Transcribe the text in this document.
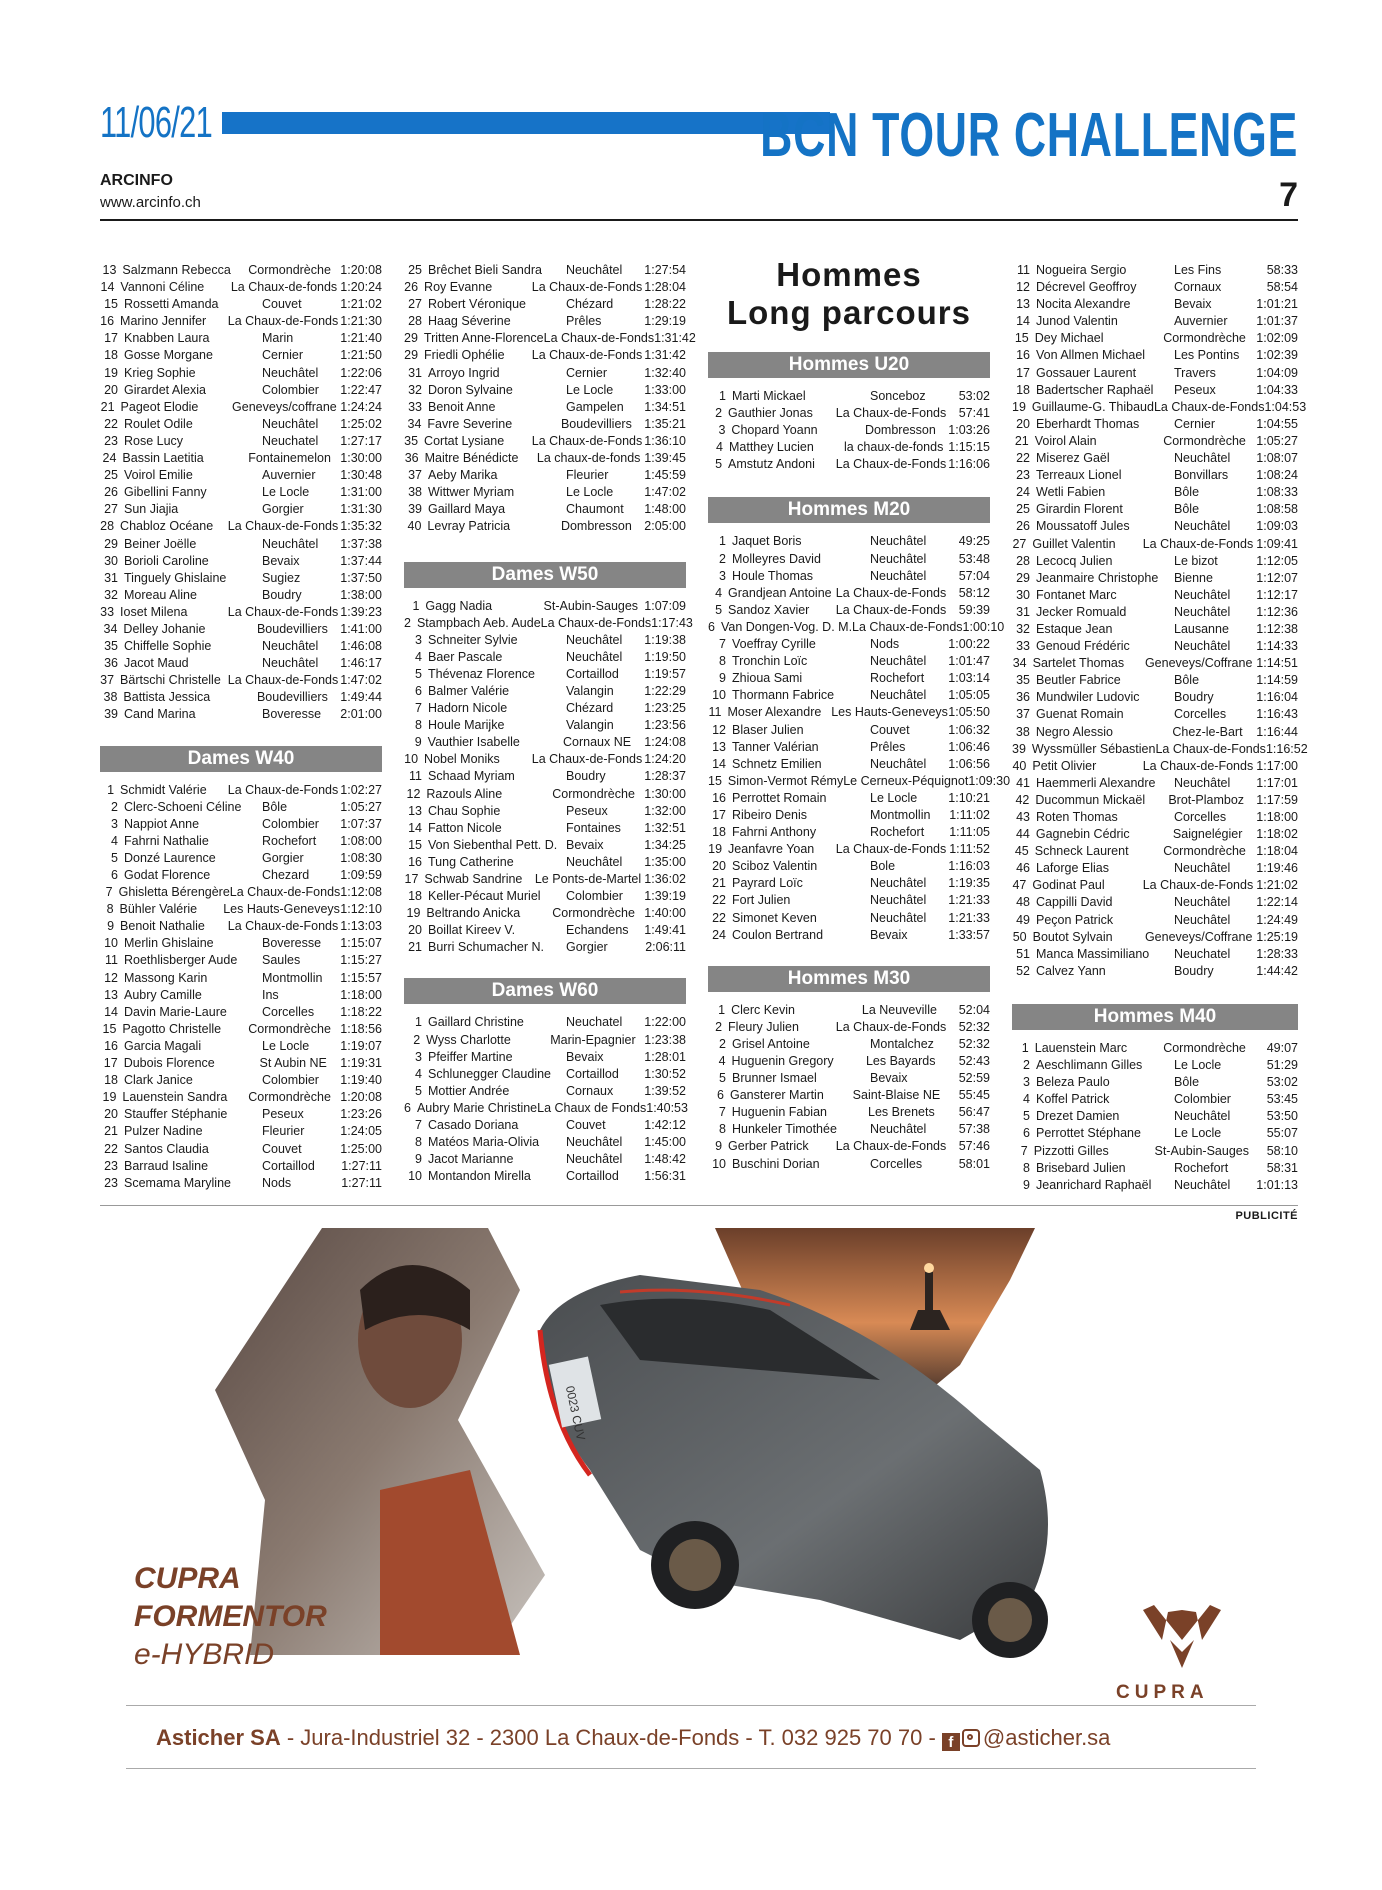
11/06/21	BCN TOUR CHALLENGE
ARCINFO
www.arcinfo.ch	7
13 Salzmann Rebecca	Cormondrèche 1:20:08
14 Vannoni Céline	La Chaux-de-fonds 1:20:24
15 Rossetti Amanda	Couvet	1:21:02
16 Marino Jennifer	La Chaux-de-Fonds 1:21:30
17 Knabben Laura	Marin	1:21:40
18 Gosse Morgane	Cernier	1:21:50
19 Krieg Sophie	Neuchâtel	1:22:06
20 Girardet Alexia	Colombier	1:22:47
21 Pageot Elodie	Geneveys/coffrane 1:24:24
22 Roulet Odile	Neuchâtel	1:25:02
23 Rose Lucy	Neuchatel	1:27:17
24 Bassin Laetitia	Fontainemelon 1:30:00
25 Voirol Emilie	Auvernier	1:30:48
26 Gibellini Fanny	Le Locle	1:31:00
27 Sun Jiajia	Gorgier	1:31:30
28 Chabloz Océane	La Chaux-de-Fonds 1:35:32
29 Beiner Joëlle	Neuchâtel	1:37:38
30 Borioli Caroline	Bevaix	1:37:44
31 Tinguely Ghislaine	Sugiez	1:37:50
32 Moreau Aline	Boudry	1:38:00
33 Ioset Milena	La Chaux-de-Fonds 1:39:23
34 Delley Johanie	Boudevilliers 1:41:00
35 Chiffelle Sophie	Neuchâtel	1:46:08
36 Jacot Maud	Neuchâtel	1:46:17
37 Bärtschi Christelle La Chaux-de-Fonds 1:47:02
38 Battista Jessica	Boudevilliers 1:49:44
39 Cand Marina	Boveresse	2:01:00
Dames W40
1 Schmidt Valérie	La Chaux-de-Fonds 1:02:27
2 Clerc-Schoeni Céline	Bôle	1:05:27
3 Nappiot Anne	Colombier	1:07:37
4 Fahrni Nathalie	Rochefort	1:08:00
5 Donzé Laurence	Gorgier	1:08:30
6 Godat Florence	Chezard	1:09:59
7 Ghisletta Bérengère La Chaux-de-Fonds 1:12:08
8 Bühler Valérie	Les Hauts-Geneveys 1:12:10
9 Benoit Nathalie	La Chaux-de-Fonds 1:13:03
10 Merlin Ghislaine	Boveresse	1:15:07
11 Roethlisberger Aude	Saules	1:15:27
12 Massong Karin	Montmollin	1:15:57
13 Aubry Camille	Ins	1:18:00
14 Davin Marie-Laure	Corcelles	1:18:22
15 Pagotto Christelle	Cormondrèche 1:18:56
16 Garcia Magali	Le Locle	1:19:07
17 Dubois Florence	St Aubin NE	1:19:31
18 Clark Janice	Colombier	1:19:40
19 Lauenstein Sandra	Cormondrèche 1:20:08
20 Stauffer Stéphanie	Peseux	1:23:26
21 Pulzer Nadine	Fleurier	1:24:05
22 Santos Claudia	Couvet	1:25:00
23 Barraud Isaline	Cortaillod	1:27:11
23 Scemama Maryline	Nods	1:27:11
25 Brêchet Bieli Sandra	Neuchâtel	1:27:54
26 Roy Evanne	La Chaux-de-Fonds 1:28:04
27 Robert Véronique	Chézard	1:28:22
28 Haag Séverine	Prêles	1:29:19
29 Tritten Anne-Florence La Chaux-de-Fonds 1:31:42
29 Friedli Ophélie	La Chaux-de-Fonds 1:31:42
31 Arroyo Ingrid	Cernier	1:32:40
32 Doron Sylvaine	Le Locle	1:33:00
33 Benoit Anne	Gampelen	1:34:51
34 Favre Severine	Boudevilliers 1:35:21
35 Cortat Lysiane	La Chaux-de-Fonds 1:36:10
36 Maitre Bénédicte	La chaux-de-fonds 1:39:45
37 Aeby Marika	Fleurier	1:45:59
38 Wittwer Myriam	Le Locle	1:47:02
39 Gaillard Maya	Chaumont	1:48:00
40 Levray Patricia	Dombresson 2:05:00
Dames W50
1 Gagg Nadia	St-Aubin-Sauges 1:07:09
2 Stampbach Aeb. Aude La Chaux-de-Fonds 1:17:43
3 Schneiter Sylvie	Neuchâtel	1:19:38
4 Baer Pascale	Neuchâtel	1:19:50
5 Thévenaz Florence	Cortaillod	1:19:57
6 Balmer Valérie	Valangin	1:22:29
7 Hadorn Nicole	Chézard	1:23:25
8 Houle Marijke	Valangin	1:23:56
9 Vauthier Isabelle	Cornaux NE	1:24:08
10 Nobel Moniks	La Chaux-de-Fonds 1:24:20
11 Schaad Myriam	Boudry	1:28:37
12 Razouls Aline	Cormondrèche 1:30:00
13 Chau Sophie	Peseux	1:32:00
14 Fatton Nicole	Fontaines	1:32:51
15 Von Siebenthal Pett. D. Bevaix	1:34:25
16 Tung Catherine	Neuchâtel	1:35:00
17 Schwab Sandrine Le Ponts-de-Martel 1:36:02
18 Keller-Pécaut Muriel	Colombier	1:39:19
19 Beltrando Anicka	Cormondrèche 1:40:00
20 Boillat Kireev V.	Echandens	1:49:41
21 Burri Schumacher N.	Gorgier	2:06:11
Dames W60
1 Gaillard Christine	Neuchatel	1:22:00
2 Wyss Charlotte	Marin-Epagnier 1:23:38
3 Pfeiffer Martine	Bevaix	1:28:01
4 Schlunegger Claudine	Cortaillod	1:30:52
5 Mottier Andrée	Cornaux	1:39:52
6 Aubry Marie Christine La Chaux de Fonds 1:40:53
7 Casado Doriana	Couvet	1:42:12
8 Matéos Maria-Olivia	Neuchâtel	1:45:00
9 Jacot Marianne	Neuchâtel	1:48:42
10 Montandon Mirella	Cortaillod	1:56:31
Hommes
Long parcours
Hommes U20
1 Marti Mickael	Sonceboz	53:02
2 Gauthier Jonas	La Chaux-de-Fonds 57:41
3 Chopard Yoann	Dombresson 1:03:26
4 Matthey Lucien	la chaux-de-fonds 1:15:15
5 Amstutz Andoni	La Chaux-de-Fonds 1:16:06
Hommes M20
1 Jaquet Boris	Neuchâtel	49:25
2 Molleyres David	Neuchâtel	53:48
3 Houle Thomas	Neuchâtel	57:04
4 Grandjean Antoine La Chaux-de-Fonds 58:12
5 Sandoz Xavier	La Chaux-de-Fonds 59:39
6 Van Dongen-Vog. D. M. La Chaux-de-Fonds 1:00:10
7 Voeffray Cyrille	Nods	1:00:22
8 Tronchin Loïc	Neuchâtel	1:01:47
9 Zhioua Sami	Rochefort	1:03:14
10 Thormann Fabrice	Neuchâtel	1:05:05
11 Moser Alexandre Les Hauts-Geneveys 1:05:50
12 Blaser Julien	Couvet	1:06:32
13 Tanner Valérian	Prêles	1:06:46
14 Schnetz Emilien	Neuchâtel	1:06:56
15 Simon-Vermot Rémy Le Cerneux-Péquignot 1:09:30
16 Perrottet Romain	Le Locle	1:10:21
17 Ribeiro Denis	Montmollin	1:11:02
18 Fahrni Anthony	Rochefort	1:11:05
19 Jeanfavre Yoan	La Chaux-de-Fonds 1:11:52
20 Sciboz Valentin	Bole	1:16:03
21 Payrard Loïc	Neuchâtel	1:19:35
22 Fort Julien	Neuchâtel	1:21:33
22 Simonet Keven	Neuchâtel	1:21:33
24 Coulon Bertrand	Bevaix	1:33:57
Hommes M30
1 Clerc Kevin	La Neuveville	52:04
2 Fleury Julien	La Chaux-de-Fonds 52:32
2 Grisel Antoine	Montalchez	52:32
4 Huguenin Gregory	Les Bayards	52:43
5 Brunner Ismael	Bevaix	52:59
6 Gansterer Martin	Saint-Blaise NE	55:45
7 Huguenin Fabian	Les Brenets	56:47
8 Hunkeler Timothée	Neuchâtel	57:38
9 Gerber Patrick	La Chaux-de-Fonds 57:46
10 Buschini Dorian	Corcelles	58:01
11 Nogueira Sergio	Les Fins	58:33
12 Décrevel Geoffroy	Cornaux	58:54
13 Nocita Alexandre	Bevaix	1:01:21
14 Junod Valentin	Auvernier	1:01:37
15 Dey Michael	Cormondrèche 1:02:09
16 Von Allmen Michael	Les Pontins	1:02:39
17 Gossauer Laurent	Travers	1:04:09
18 Badertscher Raphaël	Peseux	1:04:33
19 Guillaume-G. Thibaud La Chaux-de-Fonds 1:04:53
20 Eberhardt Thomas	Cernier	1:04:55
21 Voirol Alain	Cormondrèche 1:05:27
22 Miserez Gaël	Neuchâtel	1:08:07
23 Terreaux Lionel	Bonvillars	1:08:24
24 Wetli Fabien	Bôle	1:08:33
25 Girardin Florent	Bôle	1:08:58
26 Moussatoff Jules	Neuchâtel	1:09:03
27 Guillet Valentin	La Chaux-de-Fonds 1:09:41
28 Lecocq Julien	Le bizot	1:12:05
29 Jeanmaire Christophe	Bienne	1:12:07
30 Fontanet Marc	Neuchâtel	1:12:17
31 Jecker Romuald	Neuchâtel	1:12:36
32 Estaque Jean	Lausanne	1:12:38
33 Genoud Frédéric	Neuchâtel	1:14:33
34 Sartelet Thomas	Geneveys/Coffrane 1:14:51
35 Beutler Fabrice	Bôle	1:14:59
36 Mundwiler Ludovic	Boudry	1:16:04
37 Guenat Romain	Corcelles	1:16:43
38 Negro Alessio	Chez-le-Bart	1:16:44
39 Wyssmüller Sébastien La Chaux-de-Fonds 1:16:52
40 Petit Olivier	La Chaux-de-Fonds 1:17:00
41 Haemmerli Alexandre	Neuchâtel	1:17:01
42 Ducommun Mickaël	Brot-Plamboz 1:17:59
43 Roten Thomas	Corcelles	1:18:00
44 Gagnebin Cédric	Saignelégier	1:18:02
45 Schneck Laurent	Cormondrèche 1:18:04
46 Laforge Elias	Neuchâtel	1:19:46
47 Godinat Paul	La Chaux-de-Fonds 1:21:02
48 Cappilli David	Neuchâtel	1:22:14
49 Peçon Patrick	Neuchâtel	1:24:49
50 Boutot Sylvain	Geneveys/Coffrane 1:25:19
51 Manca Massimiliano	Neuchatel	1:28:33
52 Calvez Yann	Boudry	1:44:42
Hommes M40
1 Lauenstein Marc	Cormondrèche	49:07
2 Aeschlimann Gilles	Le Locle	51:29
3 Beleza Paulo	Bôle	53:02
4 Koffel Patrick	Colombier	53:45
5 Drezet Damien	Neuchâtel	53:50
6 Perrottet Stéphane	Le Locle	55:07
7 Pizzotti Gilles	St-Aubin-Sauges	58:10
8 Brisebard Julien	Rochefort	58:31
9 Jeanrichard Raphaël	Neuchâtel	1:01:13
PUBLICITÉ
0023 CUV
CUPRA
FORMENTOR
e-HYBRID
CUPRA
Asticher SA - Jura-Industriel 32 - 2300 La Chaux-de-Fonds - T. 032 925 70 70 - f @asticher.sa
